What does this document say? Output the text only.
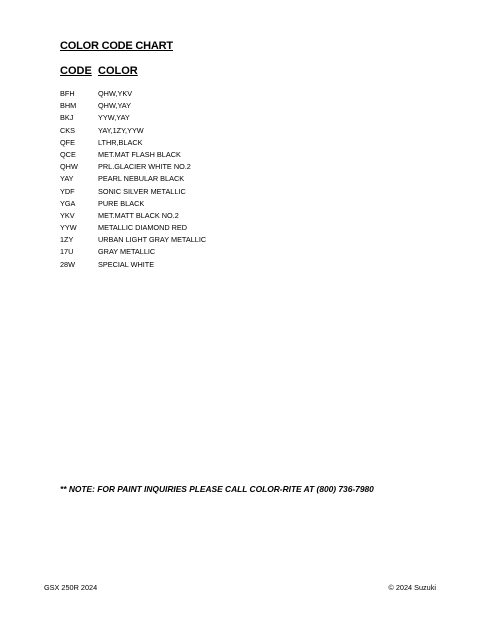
COLOR CODE CHART
CODE COLOR
BFH	QHW,YKV
BHM	QHW,YAY
BKJ	YYW,YAY
CKS	YAY,1ZY,YYW
QFE	LTHR,BLACK
QCE	MET.MAT FLASH BLACK
QHW	PRL.GLACIER WHITE NO.2
YAY	PEARL NEBULAR BLACK
YDF	SONIC SILVER METALLIC
YGA	PURE BLACK
YKV	MET.MATT BLACK NO.2
YYW	METALLIC DIAMOND RED
1ZY	URBAN LIGHT GRAY METALLIC
17U	GRAY METALLIC
28W	SPECIAL WHITE
** NOTE: FOR PAINT INQUIRIES PLEASE CALL COLOR-RITE AT (800) 736-7980
GSX 250R 2024	© 2024 Suzuki
